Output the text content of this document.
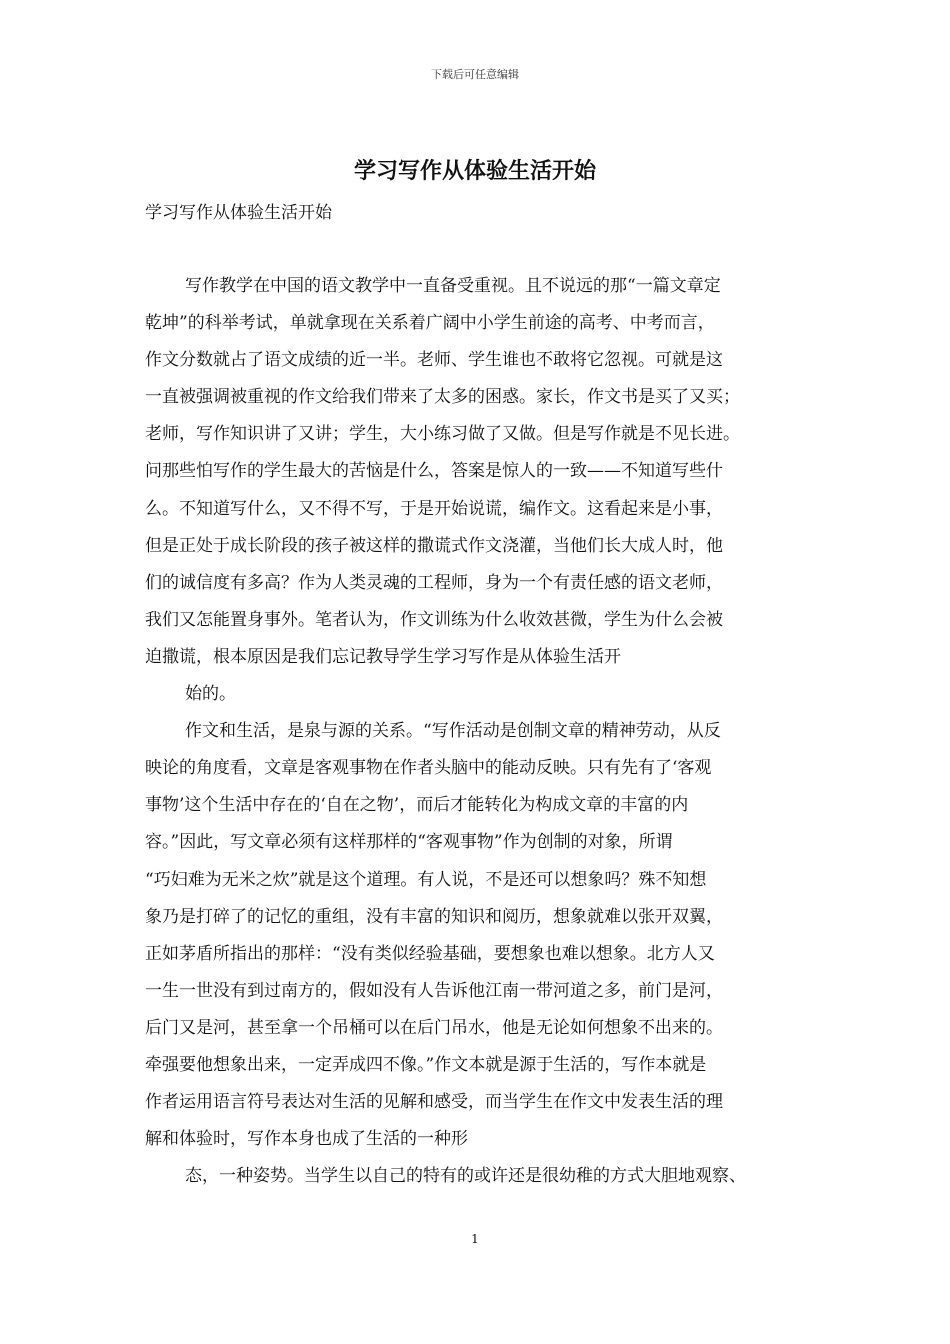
下载后可任意编辑
学习写作从体验生活开始

学习写作从体验生活开始

写作教学在中国的语文教学中一直备受重视。且不说远的那“一篇文章定
乾坤”的科举考试，单就拿现在关系着广阔中小学生前途的高考、中考而言，
作文分数就占了语文成绩的近一半。老师、学生谁也不敢将它忽视。可就是这
一直被强调被重视的作文给我们带来了太多的困惑。家长，作文书是买了又买；
老师，写作知识讲了又讲；学生，大小练习做了又做。但是写作就是不见长进。
问那些怕写作的学生最大的苦恼是什么，答案是惊人的一致——不知道写些什
么。不知道写什么，又不得不写，于是开始说谎，编作文。这看起来是小事，
但是正处于成长阶段的孩子被这样的撒谎式作文浇灌，当他们长大成人时，他
们的诚信度有多高？作为人类灵魂的工程师，身为一个有责任感的语文老师，
我们又怎能置身事外。笔者认为，作文训练为什么收效甚微，学生为什么会被
迫撒谎，根本原因是我们忘记教导学生学习写作是从体验生活开
始的。
作文和生活，是泉与源的关系。“写作活动是创制文章的精神劳动，从反
映论的角度看，文章是客观事物在作者头脑中的能动反映。只有先有了‘客观
事物’这个生活中存在的‘自在之物’，而后才能转化为构成文章的丰富的内
容。”因此，写文章必须有这样那样的“客观事物”作为创制的对象，所谓
“巧妇难为无米之炊”就是这个道理。有人说，不是还可以想象吗？殊不知想
象乃是打碎了的记忆的重组，没有丰富的知识和阅历，想象就难以张开双翼，
正如茅盾所指出的那样：“没有类似经验基础，要想象也难以想象。北方人又
一生一世没有到过南方的，假如没有人告诉他江南一带河道之多，前门是河，
后门又是河，甚至拿一个吊桶可以在后门吊水，他是无论如何想象不出来的。
牵强要他想象出来，一定弄成四不像。”作文本就是源于生活的，写作本就是
作者运用语言符号表达对生活的见解和感受，而当学生在作文中发表生活的理
解和体验时，写作本身也成了生活的一种形
态，一种姿势。当学生以自己的特有的或许还是很幼稚的方式大胆地观察、
1
